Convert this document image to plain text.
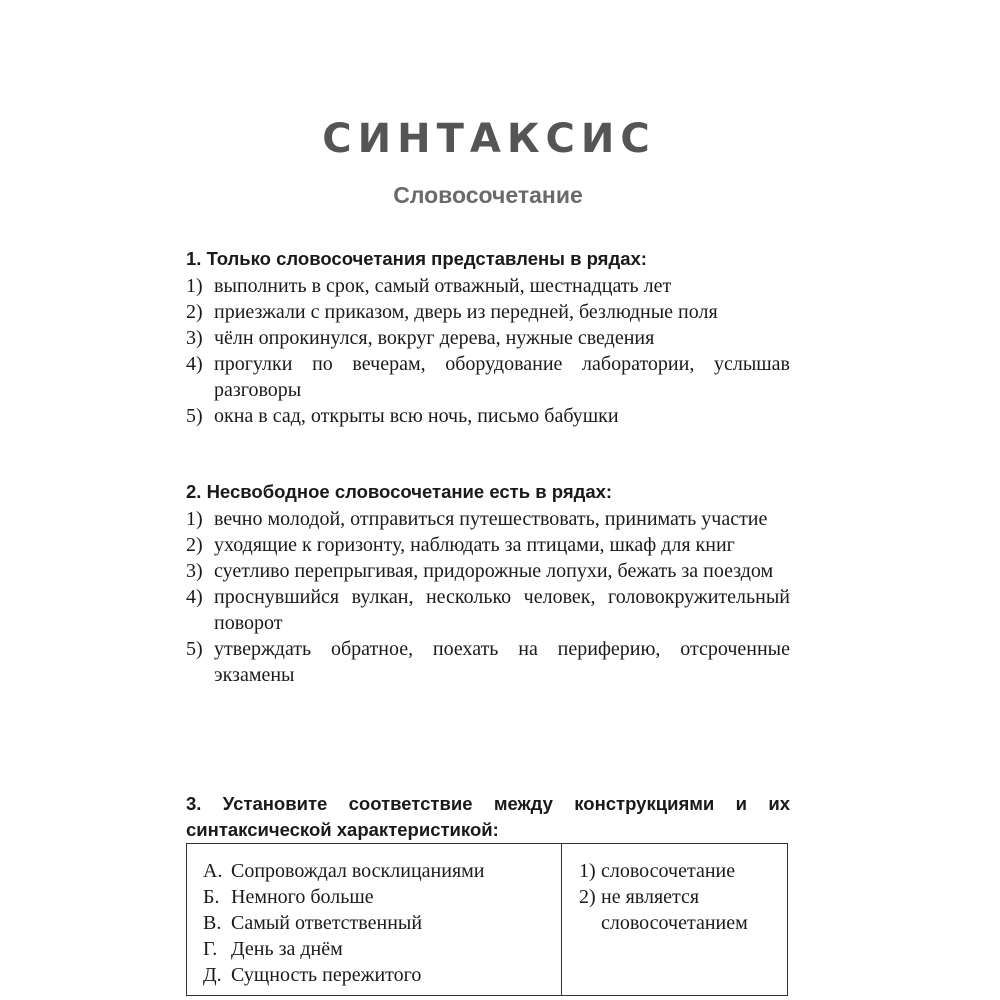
СИНТАКСИС
Словосочетание
1. Только словосочетания представлены в рядах:
1) выполнить в срок, самый отважный, шестнадцать лет
2) приезжали с приказом, дверь из передней, безлюдные поля
3) чёлн опрокинулся, вокруг дерева, нужные сведения
4) прогулки по вечерам, оборудование лаборатории, услышав разговоры
5) окна в сад, открыты всю ночь, письмо бабушки
2. Несвободное словосочетание есть в рядах:
1) вечно молодой, отправиться путешествовать, принимать участие
2) уходящие к горизонту, наблюдать за птицами, шкаф для книг
3) суетливо перепрыгивая, придорожные лопухи, бежать за поездом
4) проснувшийся вулкан, несколько человек, головокружительный поворот
5) утверждать обратное, поехать на периферию, отсроченные экзамены
3. Установите соответствие между конструкциями и их синтаксической характеристикой:
А. Сопровождал восклицаниями
Б. Немного больше
В. Самый ответственный
Г. День за днём
Д. Сущность пережитого
1) словосочетание
2) не является словосочетанием
